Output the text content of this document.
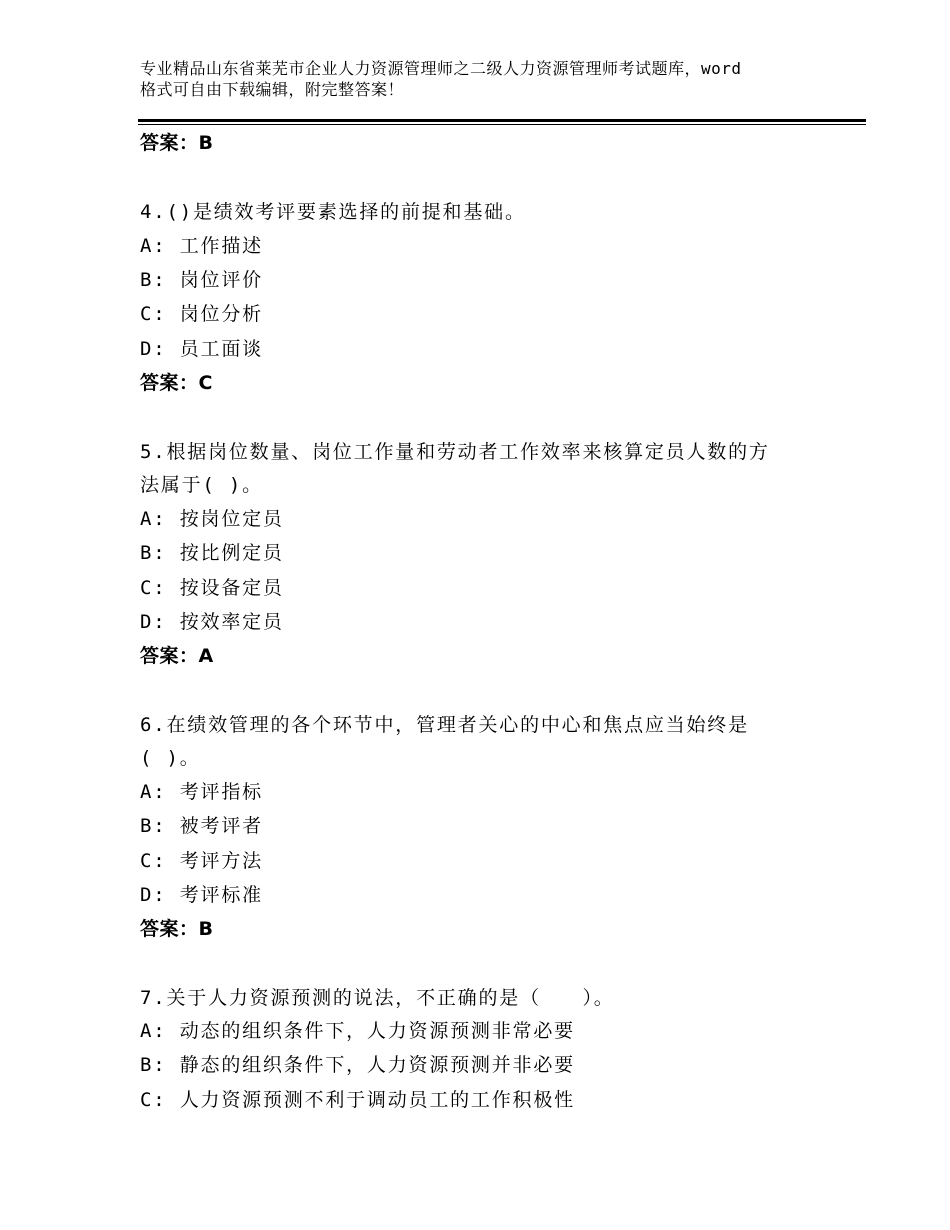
专业精品山东省莱芜市企业人力资源管理师之二级人力资源管理师考试题库，word
格式可自由下载编辑，附完整答案！
答案：B
4.()是绩效考评要素选择的前提和基础。
A: 工作描述
B: 岗位评价
C: 岗位分析
D: 员工面谈
答案：C
5.根据岗位数量、岗位工作量和劳动者工作效率来核算定员人数的方
法属于( )。
A: 按岗位定员
B: 按比例定员
C: 按设备定员
D: 按效率定员
答案：A
6.在绩效管理的各个环节中，管理者关心的中心和焦点应当始终是
( )。
A: 考评指标
B: 被考评者
C: 考评方法
D: 考评标准
答案：B
7.关于人力资源预测的说法，不正确的是（　　）。
A: 动态的组织条件下，人力资源预测非常必要
B: 静态的组织条件下，人力资源预测并非必要
C: 人力资源预测不利于调动员工的工作积极性
